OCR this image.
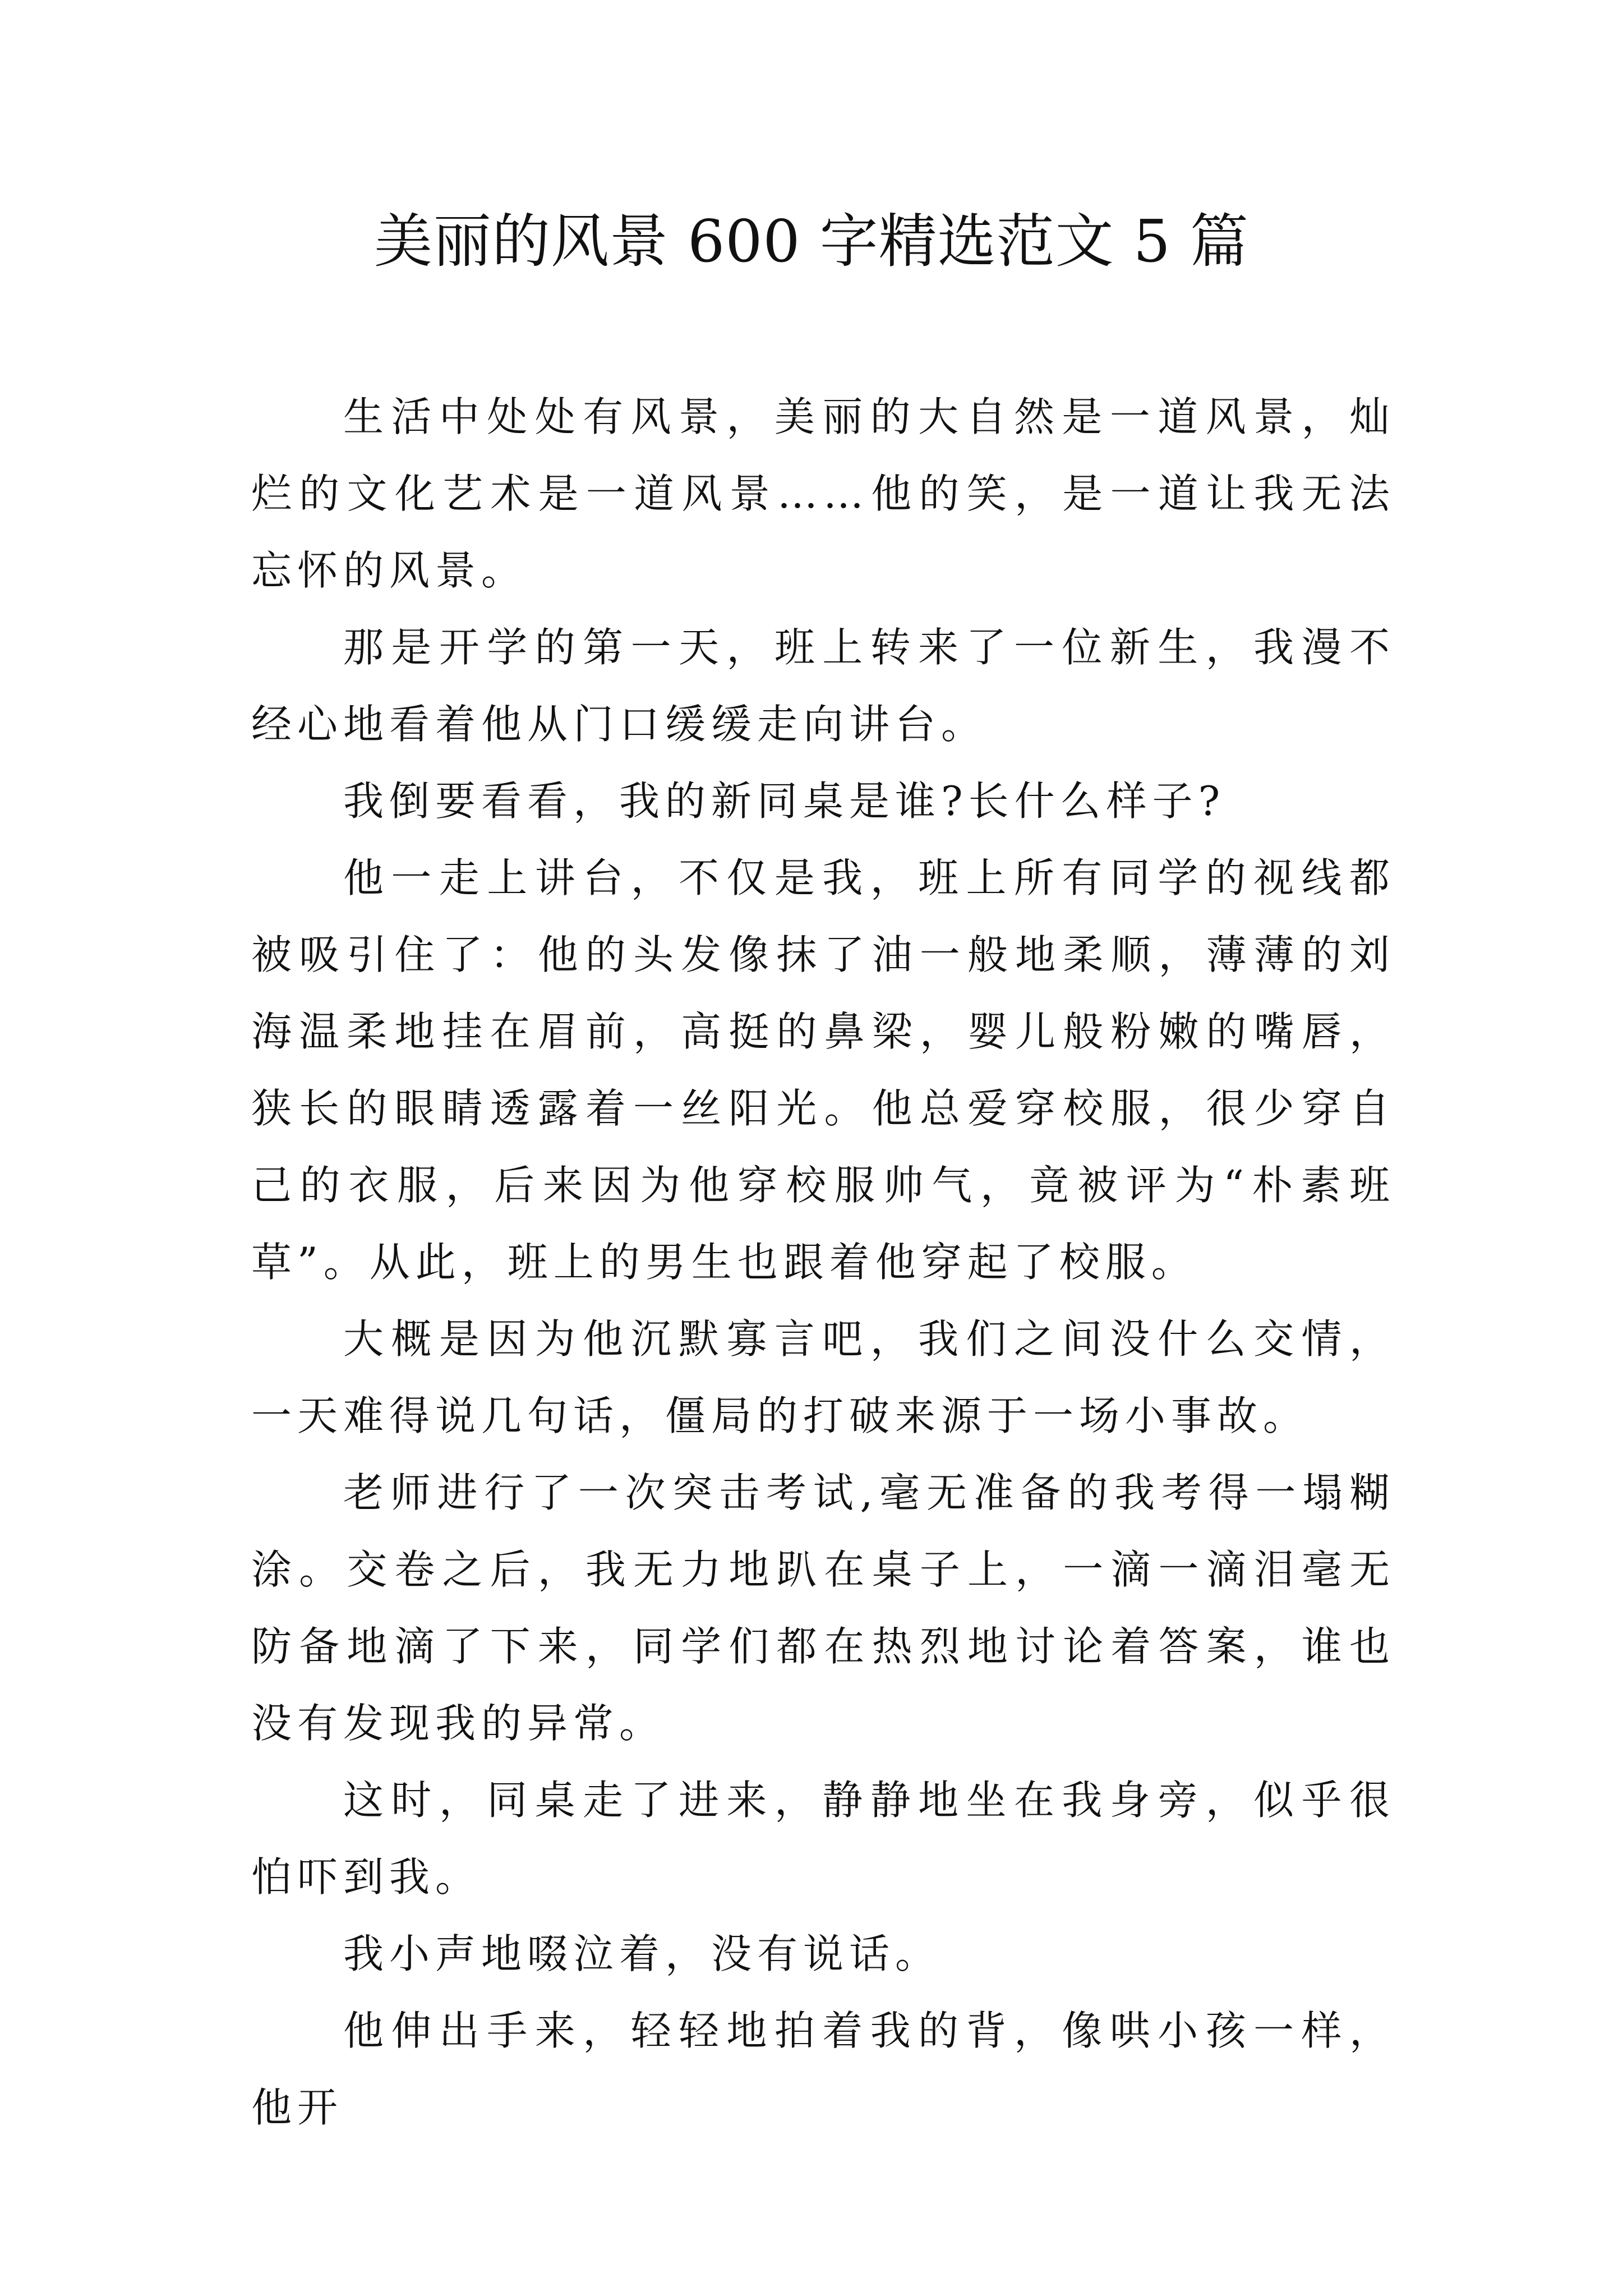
美丽的风景 600 字精选范文 5 篇

生活中处处有风景，美丽的大自然是一道风景，灿烂的文化艺术是一道风景……他的笑，是一道让我无法忘怀的风景。

那是开学的第一天，班上转来了一位新生，我漫不经心地看着他从门口缓缓走向讲台。

我倒要看看，我的新同桌是谁?长什么样子?

他一走上讲台，不仅是我，班上所有同学的视线都被吸引住了：他的头发像抹了油一般地柔顺，薄薄的刘海温柔地挂在眉前，高挺的鼻梁，婴儿般粉嫩的嘴唇，狭长的眼睛透露着一丝阳光。他总爱穿校服，很少穿自己的衣服，后来因为他穿校服帅气，竟被评为“朴素班草”。从此，班上的男生也跟着他穿起了校服。

大概是因为他沉默寡言吧，我们之间没什么交情，一天难得说几句话，僵局的打破来源于一场小事故。

老师进行了一次突击考试,毫无准备的我考得一塌糊涂。交卷之后，我无力地趴在桌子上，一滴一滴泪毫无防备地滴了下来，同学们都在热烈地讨论着答案，谁也没有发现我的异常。

这时，同桌走了进来，静静地坐在我身旁，似乎很怕吓到我。

我小声地啜泣着，没有说话。

他伸出手来，轻轻地拍着我的背，像哄小孩一样，他开
